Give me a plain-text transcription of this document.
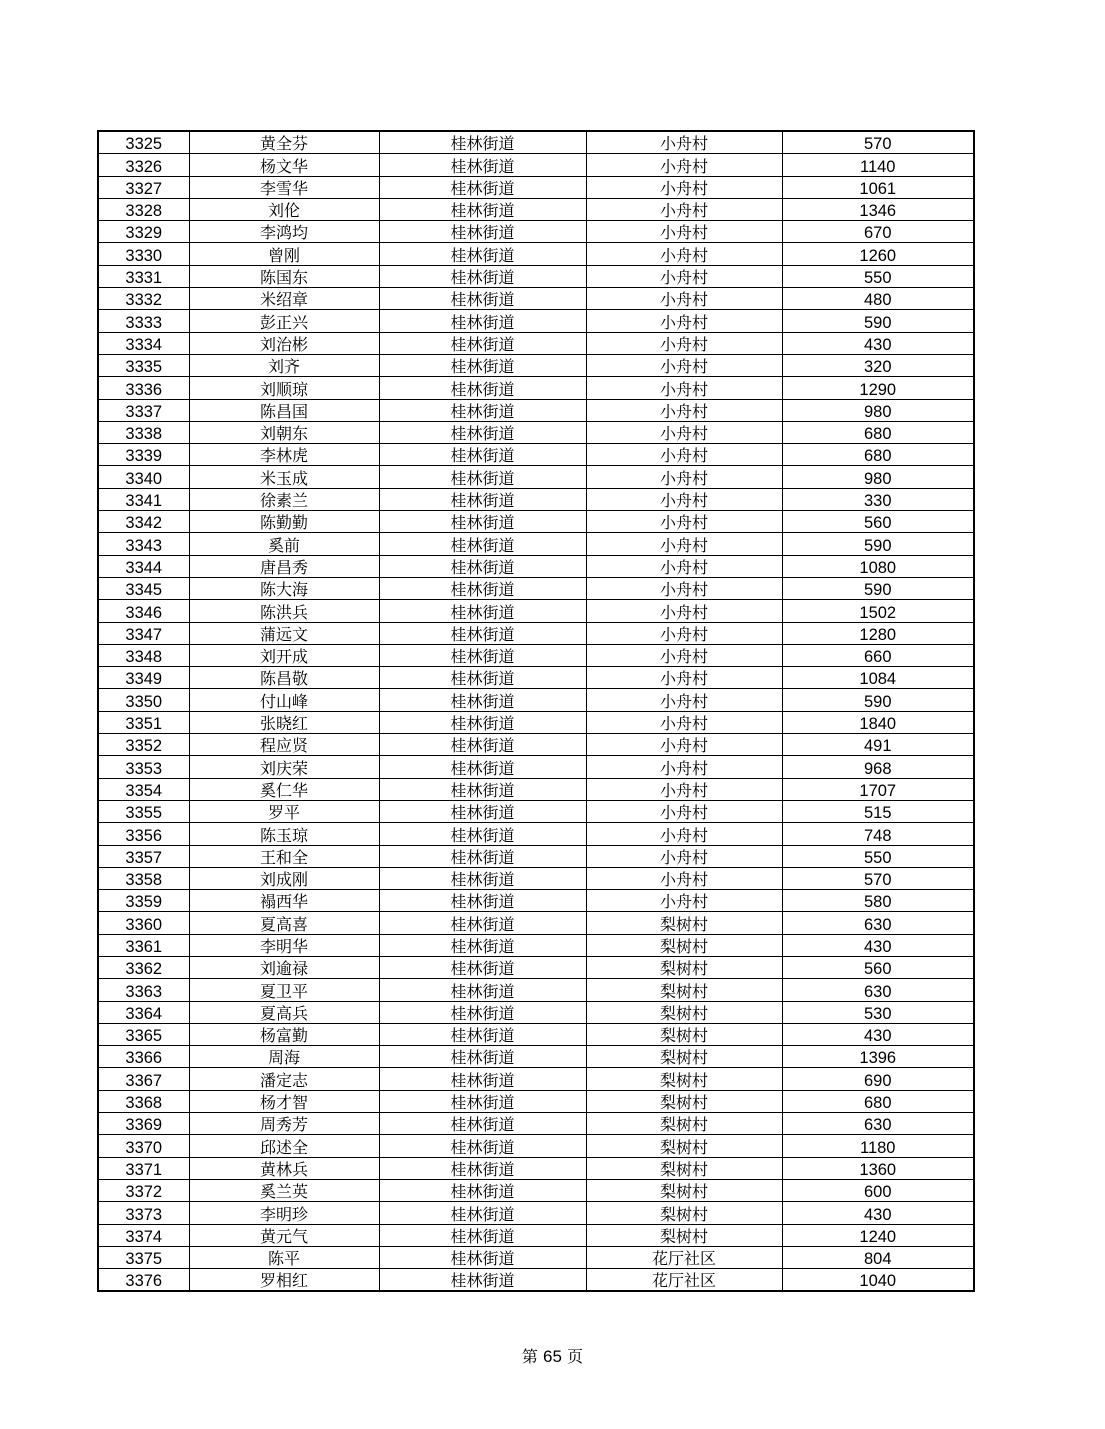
3325	黄全芬	桂林街道	小舟村	570
3326	杨文华	桂林街道	小舟村	1140
3327	李雪华	桂林街道	小舟村	1061
3328	刘伦	桂林街道	小舟村	1346
3329	李鸿均	桂林街道	小舟村	670
3330	曾刚	桂林街道	小舟村	1260
3331	陈国东	桂林街道	小舟村	550
3332	米绍章	桂林街道	小舟村	480
3333	彭正兴	桂林街道	小舟村	590
3334	刘治彬	桂林街道	小舟村	430
3335	刘齐	桂林街道	小舟村	320
3336	刘顺琼	桂林街道	小舟村	1290
3337	陈昌国	桂林街道	小舟村	980
3338	刘朝东	桂林街道	小舟村	680
3339	李林虎	桂林街道	小舟村	680
3340	米玉成	桂林街道	小舟村	980
3341	徐素兰	桂林街道	小舟村	330
3342	陈勤勤	桂林街道	小舟村	560
3343	奚前	桂林街道	小舟村	590
3344	唐昌秀	桂林街道	小舟村	1080
3345	陈大海	桂林街道	小舟村	590
3346	陈洪兵	桂林街道	小舟村	1502
3347	蒲远文	桂林街道	小舟村	1280
3348	刘开成	桂林街道	小舟村	660
3349	陈昌敬	桂林街道	小舟村	1084
3350	付山峰	桂林街道	小舟村	590
3351	张晓红	桂林街道	小舟村	1840
3352	程应贤	桂林街道	小舟村	491
3353	刘庆荣	桂林街道	小舟村	968
3354	奚仁华	桂林街道	小舟村	1707
3355	罗平	桂林街道	小舟村	515
3356	陈玉琼	桂林街道	小舟村	748
3357	王和全	桂林街道	小舟村	550
3358	刘成刚	桂林街道	小舟村	570
3359	褟西华	桂林街道	小舟村	580
3360	夏高喜	桂林街道	梨树村	630
3361	李明华	桂林街道	梨树村	430
3362	刘逾禄	桂林街道	梨树村	560
3363	夏卫平	桂林街道	梨树村	630
3364	夏高兵	桂林街道	梨树村	530
3365	杨富勤	桂林街道	梨树村	430
3366	周海	桂林街道	梨树村	1396
3367	潘定志	桂林街道	梨树村	690
3368	杨才智	桂林街道	梨树村	680
3369	周秀芳	桂林街道	梨树村	630
3370	邱述全	桂林街道	梨树村	1180
3371	黄林兵	桂林街道	梨树村	1360
3372	奚兰英	桂林街道	梨树村	600
3373	李明珍	桂林街道	梨树村	430
3374	黄元气	桂林街道	梨树村	1240
3375	陈平	桂林街道	花厅社区	804
3376	罗相红	桂林街道	花厅社区	1040
第 65 页
